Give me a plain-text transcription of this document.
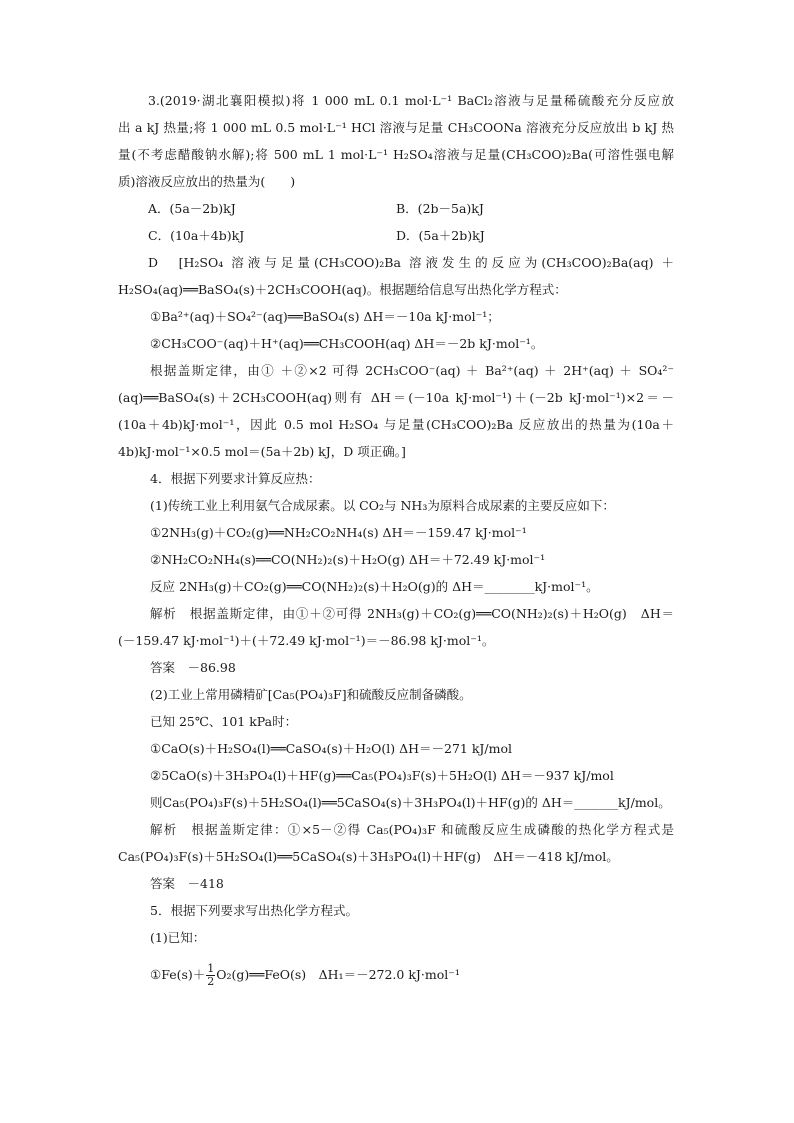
3.(2019·湖北襄阳模拟)将 1 000 mL 0.1 mol·L⁻¹ BaCl₂溶液与足量稀硫酸充分反应放
出 a kJ 热量;将 1 000 mL 0.5 mol·L⁻¹ HCl 溶液与足量 CH₃COONa 溶液充分反应放出 b kJ 热
量(不考虑醋酸钠水解);将 500 mL 1 mol·L⁻¹ H₂SO₄溶液与足量(CH₃COO)₂Ba(可溶性强电解
质)溶液反应放出的热量为(　　)
A．(5a－2b)kJ	B．(2b－5a)kJ
C．(10a＋4b)kJ	D．(5a＋2b)kJ
D　[H₂SO₄ 溶液与足量(CH₃COO)₂Ba 溶液发生的反应为(CH₃COO)₂Ba(aq) ＋
H₂SO₄(aq)══BaSO₄(s)＋2CH₃COOH(aq)。根据题给信息写出热化学方程式：
①Ba²⁺(aq)＋SO₄²⁻(aq)══BaSO₄(s) ΔH＝－10a kJ·mol⁻¹；
②CH₃COO⁻(aq)＋H⁺(aq)══CH₃COOH(aq) ΔH＝－2b kJ·mol⁻¹。
根据盖斯定律，由① ＋②×2 可得 2CH₃COO⁻(aq) ＋ Ba²⁺(aq) ＋ 2H⁺(aq) ＋ SO₄²⁻
(aq)══BaSO₄(s)＋2CH₃COOH(aq)则有 ΔH＝(－10a kJ·mol⁻¹)＋(－2b kJ·mol⁻¹)×2＝－
(10a＋4b)kJ·mol⁻¹，因此 0.5 mol H₂SO₄ 与足量(CH₃COO)₂Ba 反应放出的热量为(10a＋
4b)kJ·mol⁻¹×0.5 mol＝(5a＋2b) kJ，D 项正确。]
4．根据下列要求计算反应热：
(1)传统工业上利用氨气合成尿素。以 CO₂与 NH₃为原料合成尿素的主要反应如下：
①2NH₃(g)＋CO₂(g)══NH₂CO₂NH₄(s) ΔH＝－159.47 kJ·mol⁻¹
②NH₂CO₂NH₄(s)══CO(NH₂)₂(s)＋H₂O(g) ΔH＝＋72.49 kJ·mol⁻¹
反应 2NH₃(g)＋CO₂(g)══CO(NH₂)₂(s)＋H₂O(g)的 ΔH＝________kJ·mol⁻¹。
解析　根据盖斯定律，由①＋②可得 2NH₃(g)＋CO₂(g)══CO(NH₂)₂(s)＋H₂O(g)　ΔH＝
(－159.47 kJ·mol⁻¹)＋(＋72.49 kJ·mol⁻¹)＝－86.98 kJ·mol⁻¹。
答案　－86.98
(2)工业上常用磷精矿[Ca₅(PO₄)₃F]和硫酸反应制备磷酸。
已知 25℃、101 kPa时：
①CaO(s)＋H₂SO₄(l)══CaSO₄(s)＋H₂O(l) ΔH＝－271 kJ/mol
②5CaO(s)＋3H₃PO₄(l)＋HF(g)══Ca₅(PO₄)₃F(s)＋5H₂O(l) ΔH＝－937 kJ/mol
则Ca₅(PO₄)₃F(s)＋5H₂SO₄(l)══5CaSO₄(s)＋3H₃PO₄(l)＋HF(g)的 ΔH＝_______kJ/mol。
解析　根据盖斯定律：①×5－②得 Ca₅(PO₄)₃F 和硫酸反应生成磷酸的热化学方程式是
Ca₅(PO₄)₃F(s)＋5H₂SO₄(l)══5CaSO₄(s)＋3H₃PO₄(l)＋HF(g)　ΔH＝－418 kJ/mol。
答案　－418
5．根据下列要求写出热化学方程式。
(1)已知：
①Fe(s)＋ $\frac{1}{2}$ O₂(g)══FeO(s)　ΔH₁＝－272.0 kJ·mol⁻¹
